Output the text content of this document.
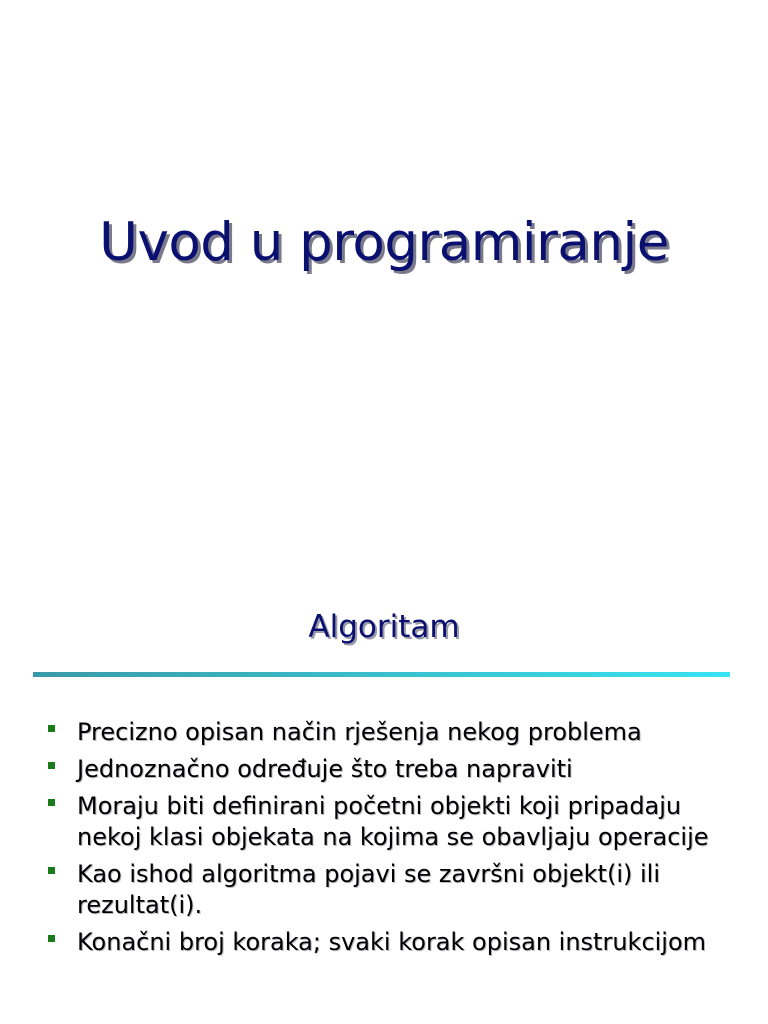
Uvod u programiranje
Algoritam
Precizno opisan način rješenja nekog problema
Jednoznačno određuje što treba napraviti
Moraju biti definirani početni objekti koji pripadaju nekoj klasi objekata na kojima se obavljaju operacije
Kao ishod algoritma pojavi se završni objekt(i) ili rezultat(i).
Konačni broj koraka; svaki korak opisan instrukcijom
